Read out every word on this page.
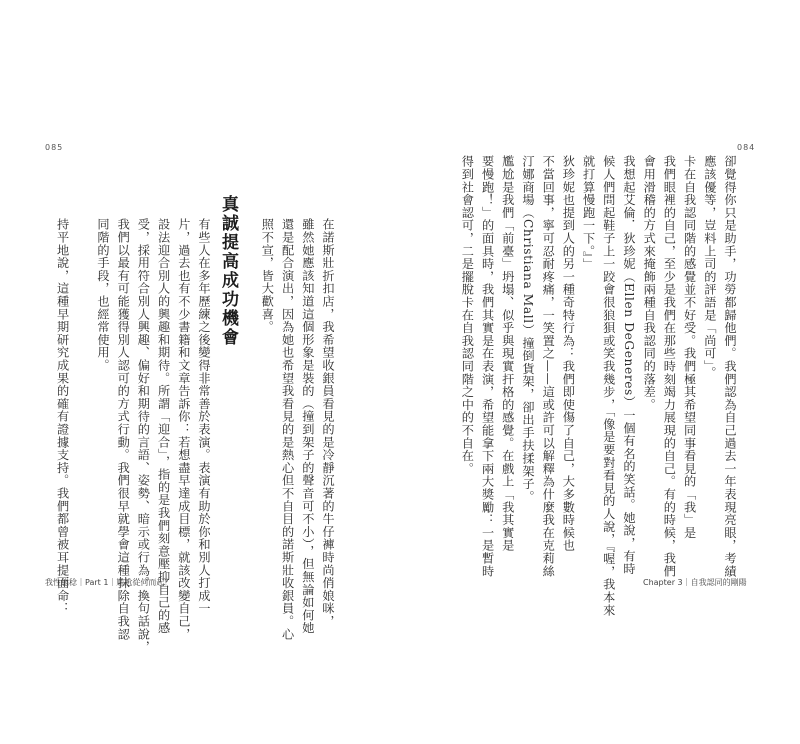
085
在諾斯壯折扣店，我希望收銀員看見的是冷靜沉著的牛仔褲時尚俏娘咪，
雖然她應該知道這個形象是裝的（撞到架子的聲音可不小），但無論如何她
還是配合演出，因為她也希望我看見的是熱心但不自目的諾斯壯收銀員。心
照不宣，皆大歡喜。
真誠提高成功機會
有些人在多年歷練之後變得非常善於表演。表演有助於你和別人打成一
片，過去也有不少書籍和文章告訴你：若想盡早達成目標，就該改變自己，
設法迎合別人的興趣和期待。所謂「迎合」，指的是我們刻意壓抑自己的感
受，採用符合別人興趣、偏好和期待的言語、姿勢、暗示或行為。換句話說，
我們以最有可能獲得別人認可的方式行動。我們很早就學會這種抹除自我認
同階的手段，也經常使用。
持平地說，這種早期研究成果的確有證據支持。我們都曾被耳提面命：
我性態稔｜Part 1｜尷尬從何而起？
卻覺得你只是助手，功勞都歸他們。我們認為自己過去一年表現亮眼，考績
應該優等，豈料上司的評語是「尚可」。
卡在自我認同階的感覺並不好受。我們極其希望同事看見的「我」是
我們眼裡的自己，至少是我們在那些時刻竭力展現的自己。有的時候，我們
會用滑稽的方式來掩飾兩種自我認同的落差。
我想起艾倫．狄珍妮（Ellen DeGeneres）一個有名的笑話。她說，有時
候人們問起鞋子上一跤會很狼狽或笑我幾步，「像是要對看見的人說，『喔，我本來
就打算慢跑一下。』」
狄珍妮也提到人的另一種奇特行為：我們即使傷了自己，大多數時候也
不當回事，寧可忍耐疼痛，一笑置之——這或許可以解釋為什麼我在克莉絲
汀娜商場（Christiana Mall）撞倒貨架，卻出手扶揉架子。
尷尬是我們「前臺」坍塌、似乎與現實扞格的感覺。在戲上「我其實是
要慢跑！」的面具時，我們其實是在表演，希望能拿下兩大獎勵：一是暫時
得到社會認可，二是擺脫卡在自我認同階之中的不自在。
084
Chapter 3｜自我認同的剛陽
